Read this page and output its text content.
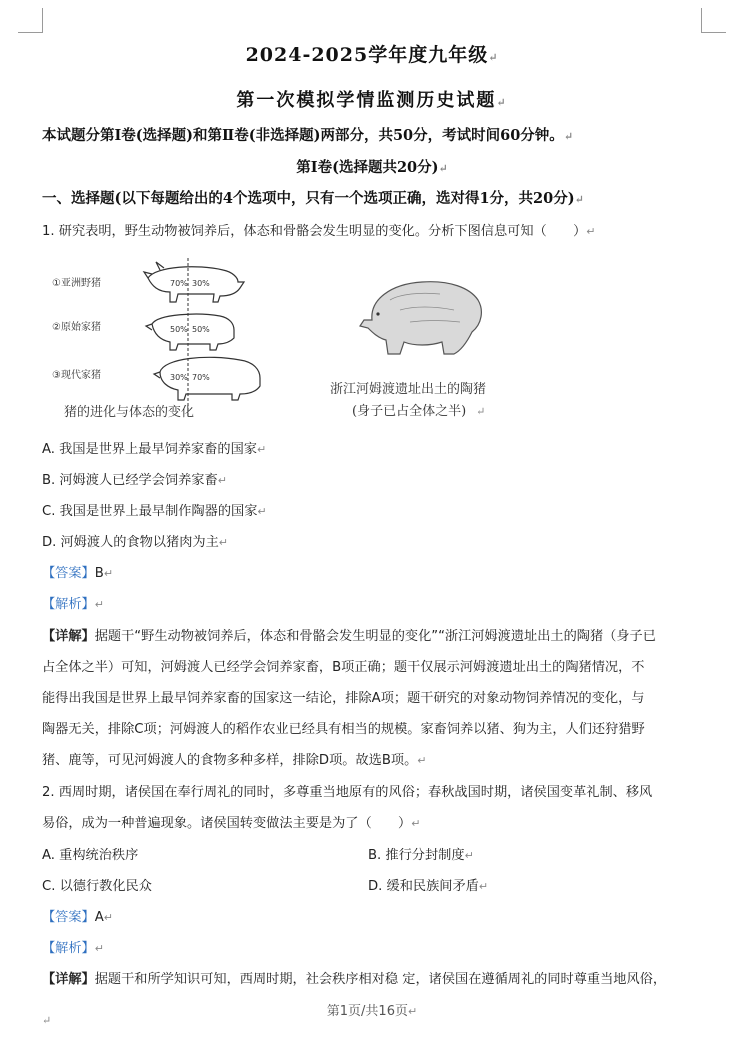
2024-2025学年度九年级↵
第一次模拟学情监测历史试题↵
本试题分第Ⅰ卷(选择题)和第Ⅱ卷(非选择题)两部分，共50分，考试时间60分钟。↵
第Ⅰ卷(选择题共20分)↵
一、选择题(以下每题给出的4个选项中，只有一个选项正确，选对得1分，共20分)↵
1. 研究表明，野生动物被饲养后，体态和骨骼会发生明显的变化。分析下图信息可知（　　）↵
①亚洲野猪
②原始家猪
③现代家猪
70% 30%
50% 50%
30% 70%
猪的进化与体态的变化
浙江河姆渡遗址出土的陶猪
(身子已占全体之半) ↵
A. 我国是世界上最早饲养家畜的国家↵
B. 河姆渡人已经学会饲养家畜↵
C. 我国是世界上最早制作陶器的国家↵
D. 河姆渡人的食物以猪肉为主↵
【答案】B↵
【解析】↵
【详解】据题干“野生动物被饲养后，体态和骨骼会发生明显的变化”“浙江河姆渡遗址出土的陶猪（身子已
占全体之半）可知，河姆渡人已经学会饲养家畜，B项正确；题干仅展示河姆渡遗址出土的陶猪情况，不
能得出我国是世界上最早饲养家畜的国家这一结论，排除A项；题干研究的对象动物饲养情况的变化，与
陶器无关，排除C项；河姆渡人的稻作农业已经具有相当的规模。家畜饲养以猪、狗为主，人们还狩猎野
猪、鹿等，可见河姆渡人的食物多种多样，排除D项。故选B项。↵
2. 西周时期，诸侯国在奉行周礼的同时，多尊重当地原有的风俗；春秋战国时期，诸侯国变革礼制、移风
易俗，成为一种普遍现象。诸侯国转变做法主要是为了（　　）↵
A. 重构统治秩序	B. 推行分封制度↵
C. 以德行教化民众	D. 缓和民族间矛盾↵
【答案】A↵
【解析】↵
【详解】据题干和所学知识可知，西周时期，社会秩序相对稳 定，诸侯国在遵循周礼的同时尊重当地风俗，
第1页/共16页↵
↵
